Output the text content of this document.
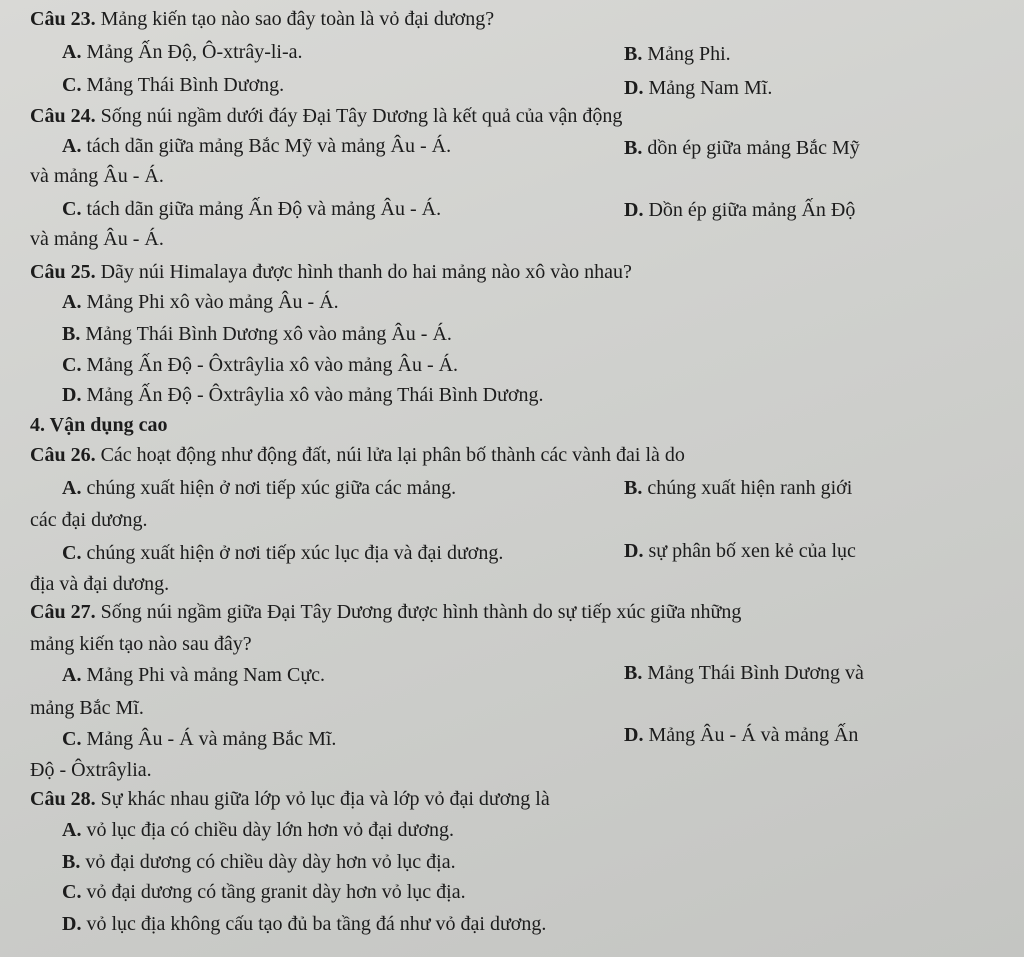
Câu 23. Mảng kiến tạo nào sao đây toàn là vỏ đại dương?
A. Mảng Ấn Độ, Ô-xtrây-li-a.	B. Mảng Phi.
C. Mảng Thái Bình Dương.	D. Mảng Nam Mĩ.
Câu 24. Sống núi ngầm dưới đáy Đại Tây Dương là kết quả của vận động
A. tách dãn giữa mảng Bắc Mỹ và mảng Âu - Á.	B. dồn ép giữa mảng Bắc Mỹ
và mảng Âu - Á.
C. tách dãn giữa mảng Ấn Độ và mảng Âu - Á.	D. Dồn ép giữa mảng Ấn Độ
và mảng Âu - Á.
Câu 25. Dãy núi Himalaya được hình thanh do hai mảng nào xô vào nhau?
A. Mảng Phi xô vào mảng Âu - Á.
B. Mảng Thái Bình Dương xô vào mảng Âu - Á.
C. Mảng Ấn Độ - Ôxtrâylia xô vào mảng Âu - Á.
D. Mảng Ấn Độ - Ôxtrâylia xô vào mảng Thái Bình Dương.
4. Vận dụng cao
Câu 26. Các hoạt động như động đất, núi lửa lại phân bố thành các vành đai là do
A. chúng xuất hiện ở nơi tiếp xúc giữa các mảng.	B. chúng xuất hiện ranh giới
các đại dương.
C. chúng xuất hiện ở nơi tiếp xúc lục địa và đại dương.	D. sự phân bố xen kẻ của lục
địa và đại dương.
Câu 27. Sống núi ngầm giữa Đại Tây Dương được hình thành do sự tiếp xúc giữa những
mảng kiến tạo nào sau đây?
A. Mảng Phi và mảng Nam Cực.	B. Mảng Thái Bình Dương và
mảng Bắc Mĩ.
C. Mảng Âu - Á và mảng Bắc Mĩ.	D. Mảng Âu - Á và mảng Ấn
Độ - Ôxtrâylia.
Câu 28. Sự khác nhau giữa lớp vỏ lục địa và lớp vỏ đại dương là
A. vỏ lục địa có chiều dày lớn hơn vỏ đại dương.
B. vỏ đại dương có chiều dày dày hơn vỏ lục địa.
C. vỏ đại dương có tầng granit dày hơn vỏ lục địa.
D. vỏ lục địa không cấu tạo đủ ba tầng đá như vỏ đại dương.
